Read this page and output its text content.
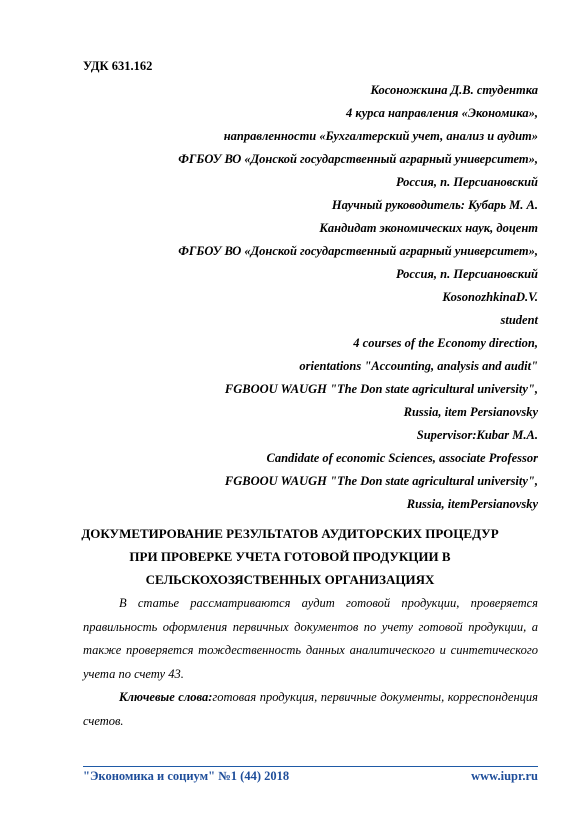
УДК 631.162
Косоножкина Д.В. студентка
4 курса направления «Экономика»,
направленности «Бухгалтерский учет, анализ и аудит»
ФГБОУ ВО «Донской государственный аграрный университет»,
Россия, п. Персиановский
Научный руководитель: Кубарь М. А.
Кандидат экономических наук, доцент
ФГБОУ ВО «Донской государственный аграрный университет»,
Россия, п. Персиановский
KosonozhkinaD.V.
student
4 courses of the Economy direction,
orientations "Accounting, analysis and audit"
FGBOOU WAUGH "The Don state agricultural university",
Russia, item Persianovsky
Supervisor:Kubar M.A.
Candidate of economic Sciences, associate Professor
FGBOOU WAUGH "The Don state agricultural university",
Russia, itemPersianovsky
ДОКУМЕТИРОВАНИЕ РЕЗУЛЬТАТОВ АУДИТОРСКИХ ПРОЦЕДУР
ПРИ ПРОВЕРКЕ УЧЕТА ГОТОВОЙ ПРОДУКЦИИ В
СЕЛЬСКОХОЗЯСТВЕННЫХ ОРГАНИЗАЦИЯХ
В статье рассматриваются аудит готовой продукции, проверяется правильность оформления первичных документов по учету готовой продукции, а также проверяется тождественность данных аналитического и синтетического учета по счету 43.
Ключевые слова:готовая продукция, первичные документы, корреспонденция счетов.
"Экономика и социум" №1 (44) 2018	www.iupr.ru
